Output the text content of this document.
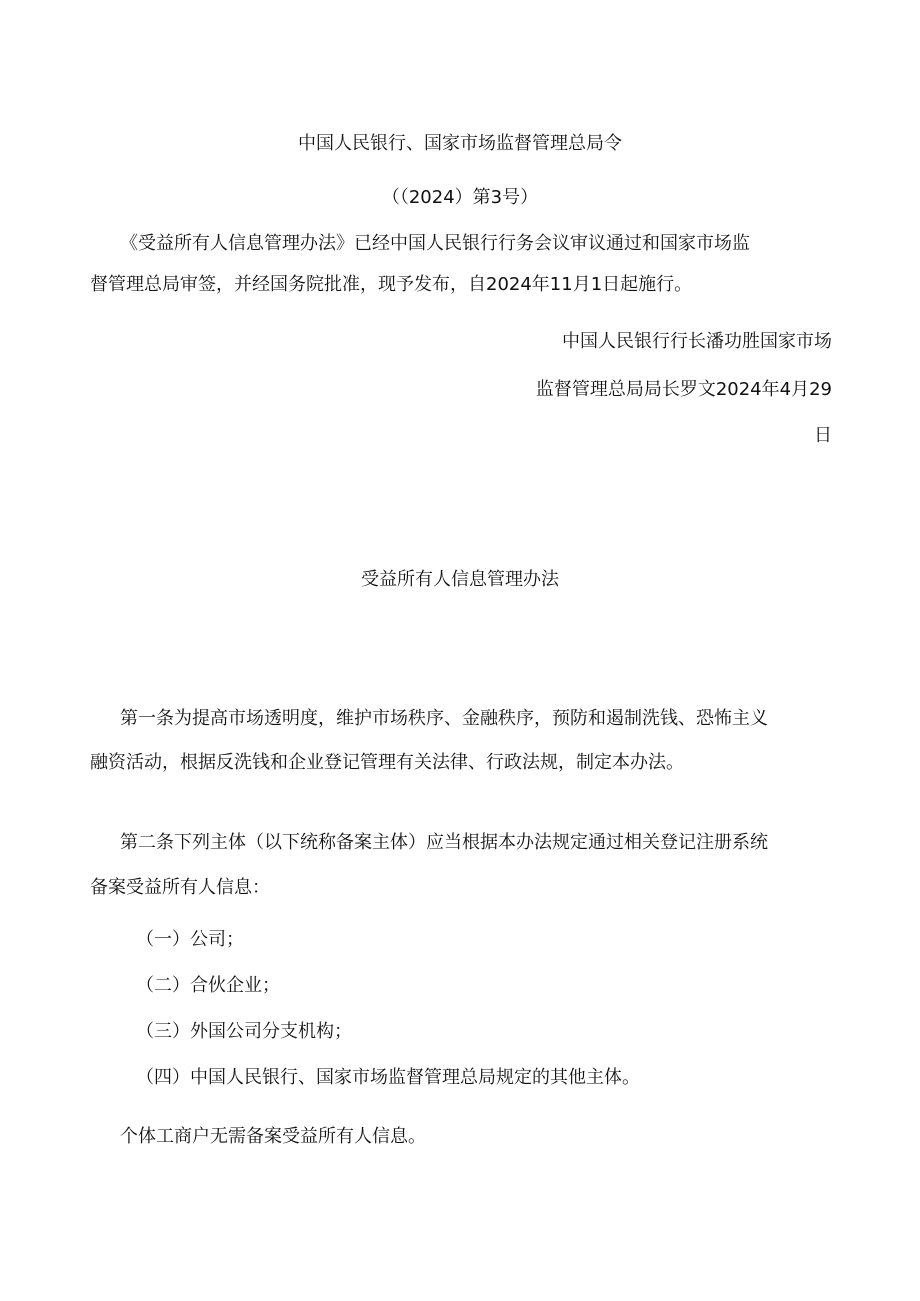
中国人民银行、国家市场监督管理总局令

（（2024）第3号）

《受益所有人信息管理办法》已经中国人民银行行务会议审议通过和国家市场监

督管理总局审签，并经国务院批准，现予发布，自2024年11月1日起施行。

中国人民银行行长潘功胜国家市场

监督管理总局局长罗文2024年4月29

日

受益所有人信息管理办法

第一条为提高市场透明度，维护市场秩序、金融秩序，预防和遏制洗钱、恐怖主义

融资活动，根据反洗钱和企业登记管理有关法律、行政法规，制定本办法。

第二条下列主体（以下统称备案主体）应当根据本办法规定通过相关登记注册系统

备案受益所有人信息：

（一）公司；

（二）合伙企业；

（三）外国公司分支机构；

（四）中国人民银行、国家市场监督管理总局规定的其他主体。

个体工商户无需备案受益所有人信息。
